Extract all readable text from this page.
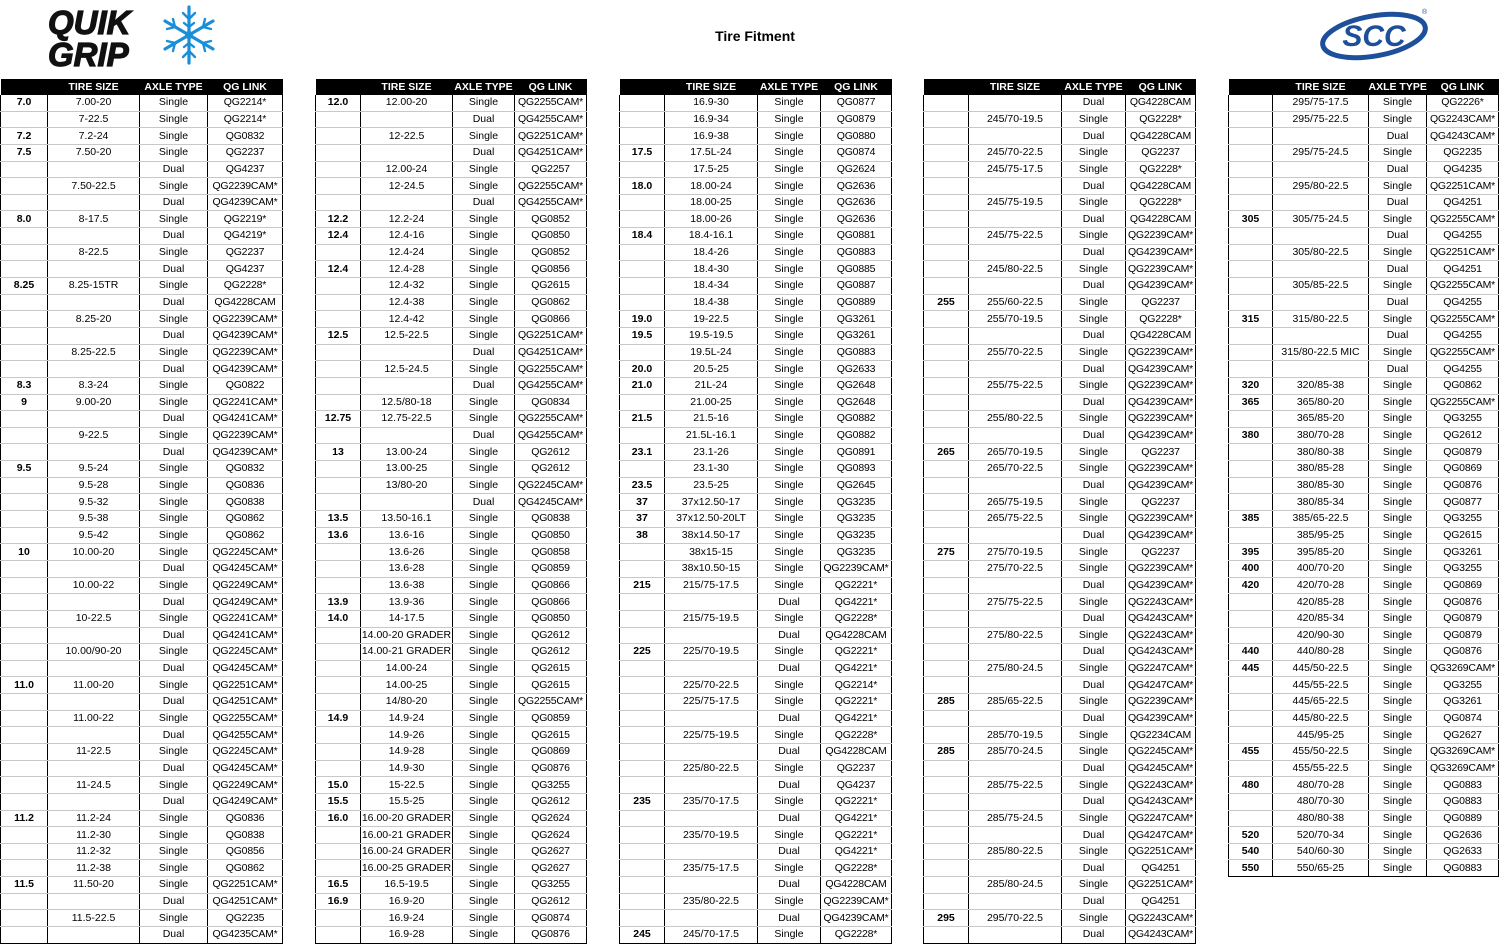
QUIK
GRIP	Tire Fitment	SCC
®
	TIRE SIZE	AXLE TYPE	QG LINK
7.0	7.00-20	Single	QG2214*
	7-22.5	Single	QG2214*
7.2	7.2-24	Single	QG0832
7.5	7.50-20	Single	QG2237
		Dual	QG4237
	7.50-22.5	Single	QG2239CAM*
		Dual	QG4239CAM*
8.0	8-17.5	Single	QG2219*
		Dual	QG4219*
	8-22.5	Single	QG2237
		Dual	QG4237
8.25	8.25-15TR	Single	QG2228*
		Dual	QG4228CAM
	8.25-20	Single	QG2239CAM*
		Dual	QG4239CAM*
	8.25-22.5	Single	QG2239CAM*
		Dual	QG4239CAM*
8.3	8.3-24	Single	QG0822
9	9.00-20	Single	QG2241CAM*
		Dual	QG4241CAM*
	9-22.5	Single	QG2239CAM*
		Dual	QG4239CAM*
9.5	9.5-24	Single	QG0832
	9.5-28	Single	QG0836
	9.5-32	Single	QG0838
	9.5-38	Single	QG0862
	9.5-42	Single	QG0862
10	10.00-20	Single	QG2245CAM*
		Dual	QG4245CAM*
	10.00-22	Single	QG2249CAM*
		Dual	QG4249CAM*
	10-22.5	Single	QG2241CAM*
		Dual	QG4241CAM*
	10.00/90-20	Single	QG2245CAM*
		Dual	QG4245CAM*
11.0	11.00-20	Single	QG2251CAM*
		Dual	QG4251CAM*
	11.00-22	Single	QG2255CAM*
		Dual	QG4255CAM*
	11-22.5	Single	QG2245CAM*
		Dual	QG4245CAM*
	11-24.5	Single	QG2249CAM*
		Dual	QG4249CAM*
11.2	11.2-24	Single	QG0836
	11.2-30	Single	QG0838
	11.2-32	Single	QG0856
	11.2-38	Single	QG0862
11.5	11.50-20	Single	QG2251CAM*
		Dual	QG4251CAM*
	11.5-22.5	Single	QG2235
		Dual	QG4235CAM*
	TIRE SIZE	AXLE TYPE	QG LINK
12.0	12.00-20	Single	QG2255CAM*
		Dual	QG4255CAM*
	12-22.5	Single	QG2251CAM*
		Dual	QG4251CAM*
	12.00-24	Single	QG2257
	12-24.5	Single	QG2255CAM*
		Dual	QG4255CAM*
12.2	12.2-24	Single	QG0852
12.4	12.4-16	Single	QG0850
	12.4-24	Single	QG0852
12.4	12.4-28	Single	QG0856
	12.4-32	Single	QG2615
	12.4-38	Single	QG0862
	12.4-42	Single	QG0866
12.5	12.5-22.5	Single	QG2251CAM*
		Dual	QG4251CAM*
	12.5-24.5	Single	QG2255CAM*
		Dual	QG4255CAM*
	12.5/80-18	Single	QG0834
12.75	12.75-22.5	Single	QG2255CAM*
		Dual	QG4255CAM*
13	13.00-24	Single	QG2612
	13.00-25	Single	QG2612
	13/80-20	Single	QG2245CAM*
		Dual	QG4245CAM*
13.5	13.50-16.1	Single	QG0838
13.6	13.6-16	Single	QG0850
	13.6-26	Single	QG0858
	13.6-28	Single	QG0859
	13.6-38	Single	QG0866
13.9	13.9-36	Single	QG0866
14.0	14-17.5	Single	QG0850
	14.00-20 GRADER	Single	QG2612
	14.00-21 GRADER	Single	QG2612
	14.00-24	Single	QG2615
	14.00-25	Single	QG2615
	14/80-20	Single	QG2255CAM*
14.9	14.9-24	Single	QG0859
	14.9-26	Single	QG2615
	14.9-28	Single	QG0869
	14.9-30	Single	QG0876
15.0	15-22.5	Single	QG3255
15.5	15.5-25	Single	QG2612
16.0	16.00-20 GRADER	Single	QG2624
	16.00-21 GRADER	Single	QG2624
	16.00-24 GRADER	Single	QG2627
	16.00-25 GRADER	Single	QG2627
16.5	16.5-19.5	Single	QG3255
16.9	16.9-20	Single	QG2612
	16.9-24	Single	QG0874
	16.9-28	Single	QG0876
	TIRE SIZE	AXLE TYPE	QG LINK
	16.9-30	Single	QG0877
	16.9-34	Single	QG0879
	16.9-38	Single	QG0880
17.5	17.5L-24	Single	QG0874
	17.5-25	Single	QG2624
18.0	18.00-24	Single	QG2636
	18.00-25	Single	QG2636
	18.00-26	Single	QG2636
18.4	18.4-16.1	Single	QG0881
	18.4-26	Single	QG0883
	18.4-30	Single	QG0885
	18.4-34	Single	QG0887
	18.4-38	Single	QG0889
19.0	19-22.5	Single	QG3261
19.5	19.5-19.5	Single	QG3261
	19.5L-24	Single	QG0883
20.0	20.5-25	Single	QG2633
21.0	21L-24	Single	QG2648
	21.00-25	Single	QG2648
21.5	21.5-16	Single	QG0882
	21.5L-16.1	Single	QG0882
23.1	23.1-26	Single	QG0891
	23.1-30	Single	QG0893
23.5	23.5-25	Single	QG2645
37	37x12.50-17	Single	QG3235
37	37x12.50-20LT	Single	QG3235
38	38x14.50-17	Single	QG3235
	38x15-15	Single	QG3235
	38x10.50-15	Single	QG2239CAM*
215	215/75-17.5	Single	QG2221*
		Dual	QG4221*
	215/75-19.5	Single	QG2228*
		Dual	QG4228CAM
225	225/70-19.5	Single	QG2221*
		Dual	QG4221*
	225/70-22.5	Single	QG2214*
	225/75-17.5	Single	QG2221*
		Dual	QG4221*
	225/75-19.5	Single	QG2228*
		Dual	QG4228CAM
	225/80-22.5	Single	QG2237
		Dual	QG4237
235	235/70-17.5	Single	QG2221*
		Dual	QG4221*
	235/70-19.5	Single	QG2221*
		Dual	QG4221*
	235/75-17.5	Single	QG2228*
		Dual	QG4228CAM
	235/80-22.5	Single	QG2239CAM*
		Dual	QG4239CAM*
245	245/70-17.5	Single	QG2228*
	TIRE SIZE	AXLE TYPE	QG LINK
		Dual	QG4228CAM
	245/70-19.5	Single	QG2228*
		Dual	QG4228CAM
	245/70-22.5	Single	QG2237
	245/75-17.5	Single	QG2228*
		Dual	QG4228CAM
	245/75-19.5	Single	QG2228*
		Dual	QG4228CAM
	245/75-22.5	Single	QG2239CAM*
		Dual	QG4239CAM*
	245/80-22.5	Single	QG2239CAM*
		Dual	QG4239CAM*
255	255/60-22.5	Single	QG2237
	255/70-19.5	Single	QG2228*
		Dual	QG4228CAM
	255/70-22.5	Single	QG2239CAM*
		Dual	QG4239CAM*
	255/75-22.5	Single	QG2239CAM*
		Dual	QG4239CAM*
	255/80-22.5	Single	QG2239CAM*
		Dual	QG4239CAM*
265	265/70-19.5	Single	QG2237
	265/70-22.5	Single	QG2239CAM*
		Dual	QG4239CAM*
	265/75-19.5	Single	QG2237
	265/75-22.5	Single	QG2239CAM*
		Dual	QG4239CAM*
275	275/70-19.5	Single	QG2237
	275/70-22.5	Single	QG2239CAM*
		Dual	QG4239CAM*
	275/75-22.5	Single	QG2243CAM*
		Dual	QG4243CAM*
	275/80-22.5	Single	QG2243CAM*
		Dual	QG4243CAM*
	275/80-24.5	Single	QG2247CAM*
		Dual	QG4247CAM*
285	285/65-22.5	Single	QG2239CAM*
		Dual	QG4239CAM*
	285/70-19.5	Single	QG2234CAM
285	285/70-24.5	Single	QG2245CAM*
		Dual	QG4245CAM*
	285/75-22.5	Single	QG2243CAM*
		Dual	QG4243CAM*
	285/75-24.5	Single	QG2247CAM*
		Dual	QG4247CAM*
	285/80-22.5	Single	QG2251CAM*
		Dual	QG4251
	285/80-24.5	Single	QG2251CAM*
		Dual	QG4251
295	295/70-22.5	Single	QG2243CAM*
		Dual	QG4243CAM*
	TIRE SIZE	AXLE TYPE	QG LINK
	295/75-17.5	Single	QG2226*
	295/75-22.5	Single	QG2243CAM*
		Dual	QG4243CAM*
	295/75-24.5	Single	QG2235
		Dual	QG4235
	295/80-22.5	Single	QG2251CAM*
		Dual	QG4251
305	305/75-24.5	Single	QG2255CAM*
		Dual	QG4255
	305/80-22.5	Single	QG2251CAM*
		Dual	QG4251
	305/85-22.5	Single	QG2255CAM*
		Dual	QG4255
315	315/80-22.5	Single	QG2255CAM*
		Dual	QG4255
	315/80-22.5 MIC	Single	QG2255CAM*
		Dual	QG4255
320	320/85-38	Single	QG0862
365	365/80-20	Single	QG2255CAM*
	365/85-20	Single	QG3255
380	380/70-28	Single	QG2612
	380/80-38	Single	QG0879
	380/85-28	Single	QG0869
	380/85-30	Single	QG0876
	380/85-34	Single	QG0877
385	385/65-22.5	Single	QG3255
	385/95-25	Single	QG2615
395	395/85-20	Single	QG3261
400	400/70-20	Single	QG3255
420	420/70-28	Single	QG0869
	420/85-28	Single	QG0876
	420/85-34	Single	QG0879
	420/90-30	Single	QG0879
440	440/80-28	Single	QG0876
445	445/50-22.5	Single	QG3269CAM*
	445/55-22.5	Single	QG3255
	445/65-22.5	Single	QG3261
	445/80-22.5	Single	QG0874
	445/95-25	Single	QG2627
455	455/50-22.5	Single	QG3269CAM*
	455/55-22.5	Single	QG3269CAM*
480	480/70-28	Single	QG0883
	480/70-30	Single	QG0883
	480/80-38	Single	QG0889
520	520/70-34	Single	QG2636
540	540/60-30	Single	QG2633
550	550/65-25	Single	QG0883
